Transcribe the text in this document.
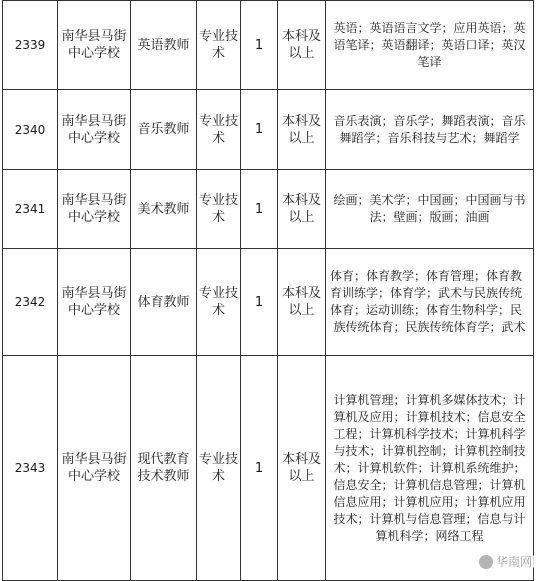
2339	南华县马街中心学校	英语教师	专业技术	1	本科及以上	英语；英语语言文学；应用英语；英语笔译；英语翻译；英语口译；英汉笔译
2340	南华县马街中心学校	音乐教师	专业技术	1	本科及以上	音乐表演；音乐学；舞蹈表演；音乐舞蹈学；音乐科技与艺术；舞蹈学
2341	南华县马街中心学校	美术教师	专业技术	1	本科及以上	绘画；美术学；中国画；中国画与书法；壁画；版画；油画
2342	南华县马街中心学校	体育教师	专业技术	1	本科及以上	体育；体育教学；体育管理；体育教育训练学；体育学；武术与民族传统体育；运动训练；体育生物科学；民族传统体育；民族传统体育学；武术
2343	南华县马街中心学校	现代教育技术教师	专业技术	1	本科及以上	计算机管理；计算机多媒体技术；计算机及应用；计算机技术；信息安全工程；计算机科学技术；计算机科学与技术；计算机控制；计算机控制技术；计算机软件；计算机系统维护；信息安全；计算机信息管理；计算机信息应用；计算机应用；计算机应用技术；计算机与信息管理；信息与计算机科学；网络工程
华南网
